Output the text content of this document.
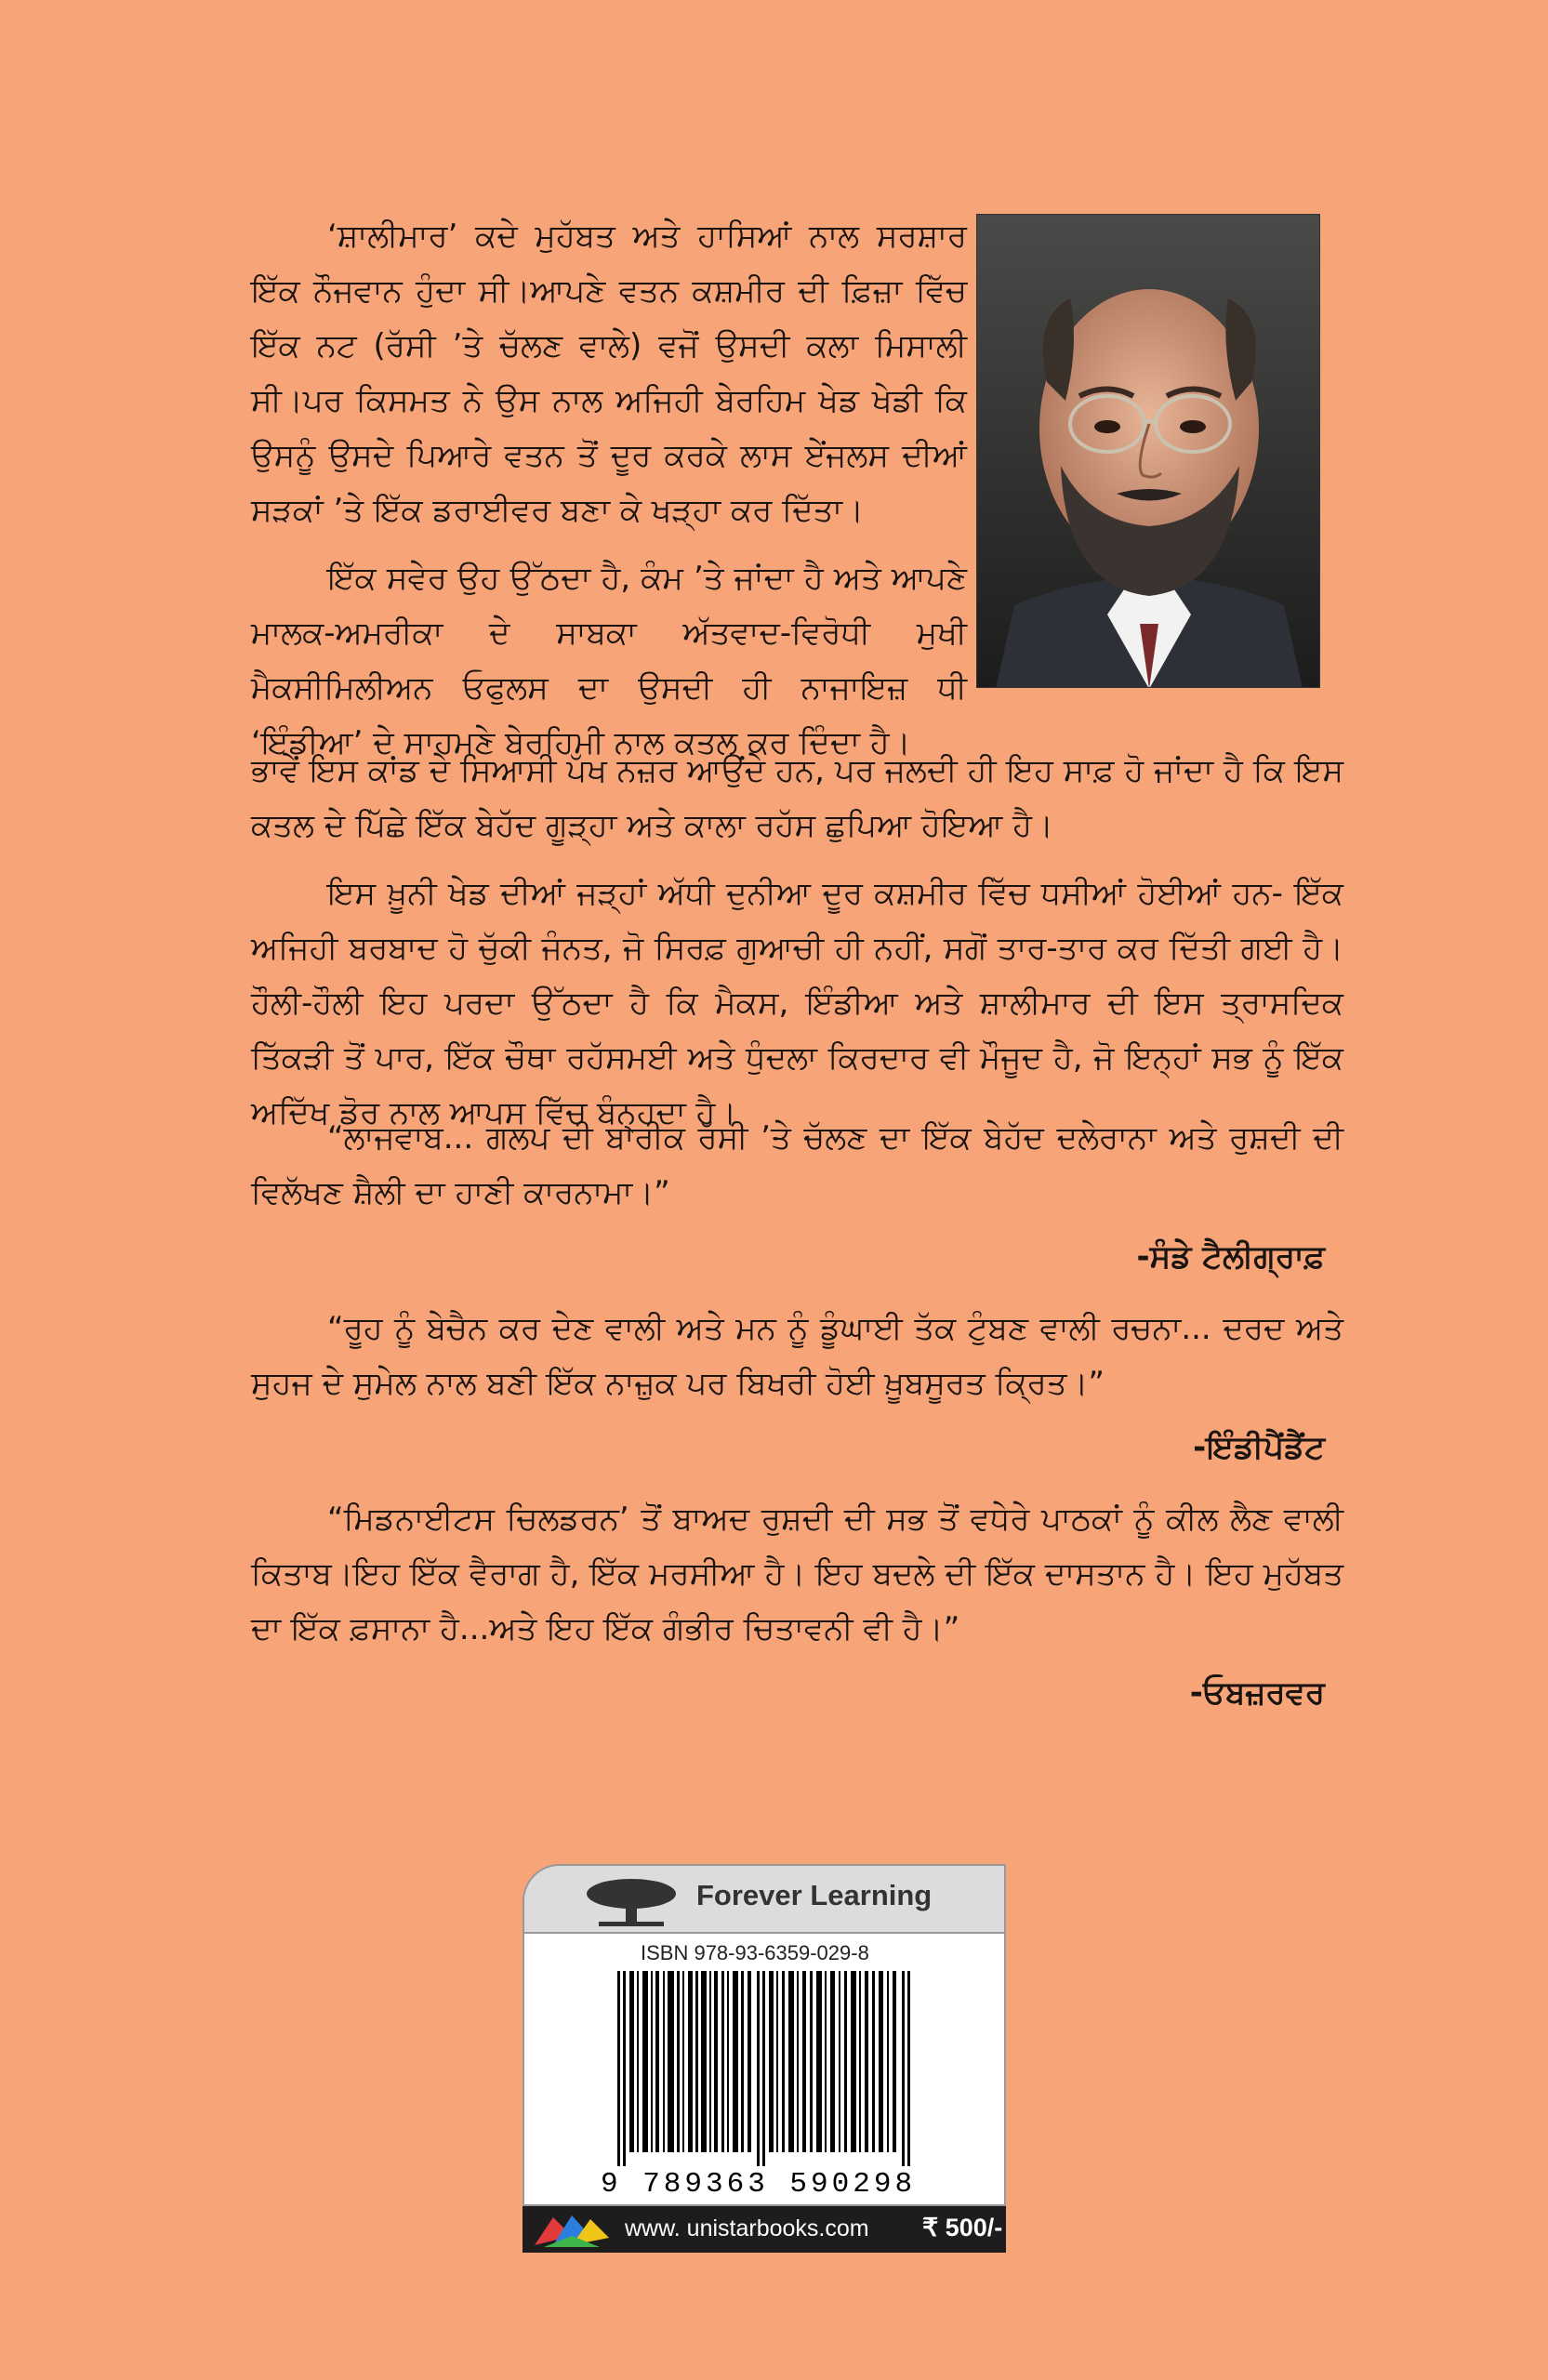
‘ਸ਼ਾਲੀਮਾਰ’ ਕਦੇ ਮੁਹੱਬਤ ਅਤੇ ਹਾਸਿਆਂ ਨਾਲ ਸਰਸ਼ਾਰ ਇੱਕ ਨੌਜਵਾਨ ਹੁੰਦਾ ਸੀ।ਆਪਣੇ ਵਤਨ ਕਸ਼ਮੀਰ ਦੀ ਫ਼ਿਜ਼ਾ ਵਿੱਚ ਇੱਕ ਨਟ (ਰੱਸੀ ’ਤੇ ਚੱਲਣ ਵਾਲੇ) ਵਜੋਂ ਉਸਦੀ ਕਲਾ ਮਿਸਾਲੀ ਸੀ।ਪਰ ਕਿਸਮਤ ਨੇ ਉਸ ਨਾਲ ਅਜਿਹੀ ਬੇਰਹਿਮ ਖੇਡ ਖੇਡੀ ਕਿ ਉਸਨੂੰ ਉਸਦੇ ਪਿਆਰੇ ਵਤਨ ਤੋਂ ਦੂਰ ਕਰਕੇ ਲਾਸ ਏਂਜਲਸ ਦੀਆਂ ਸੜਕਾਂ ’ਤੇ ਇੱਕ ਡਰਾਈਵਰ ਬਣਾ ਕੇ ਖੜ੍ਹਾ ਕਰ ਦਿੱਤਾ।

ਇੱਕ ਸਵੇਰ ਉਹ ਉੱਠਦਾ ਹੈ, ਕੰਮ ’ਤੇ ਜਾਂਦਾ ਹੈ ਅਤੇ ਆਪਣੇ ਮਾਲਕ-ਅਮਰੀਕਾ ਦੇ ਸਾਬਕਾ ਅੱਤਵਾਦ-ਵਿਰੋਧੀ ਮੁਖੀ ਮੈਕਸੀਮਿਲੀਅਨ ਓਫੁਲਸ ਦਾ ਉਸਦੀ ਹੀ ਨਾਜਾਇਜ਼ ਧੀ ‘ਇੰਡੀਆ’ ਦੇ ਸਾਹਮਣੇ ਬੇਰਹਿਮੀ ਨਾਲ ਕਤਲ ਕਰ ਦਿੰਦਾ ਹੈ।

ਭਾਵੇਂ ਇਸ ਕਾਂਡ ਦੇ ਸਿਆਸੀ ਪੱਖ ਨਜ਼ਰ ਆਉਂਦੇ ਹਨ, ਪਰ ਜਲਦੀ ਹੀ ਇਹ ਸਾਫ਼ ਹੋ ਜਾਂਦਾ ਹੈ ਕਿ ਇਸ ਕਤਲ ਦੇ ਪਿੱਛੇ ਇੱਕ ਬੇਹੱਦ ਗੂੜ੍ਹਾ ਅਤੇ ਕਾਲਾ ਰਹੱਸ ਛੁਪਿਆ ਹੋਇਆ ਹੈ।

ਇਸ ਖ਼ੂਨੀ ਖੇਡ ਦੀਆਂ ਜੜ੍ਹਾਂ ਅੱਧੀ ਦੁਨੀਆ ਦੂਰ ਕਸ਼ਮੀਰ ਵਿੱਚ ਧਸੀਆਂ ਹੋਈਆਂ ਹਨ- ਇੱਕ ਅਜਿਹੀ ਬਰਬਾਦ ਹੋ ਚੁੱਕੀ ਜੰਨਤ, ਜੋ ਸਿਰਫ਼ ਗੁਆਚੀ ਹੀ ਨਹੀਂ, ਸਗੋਂ ਤਾਰ-ਤਾਰ ਕਰ ਦਿੱਤੀ ਗਈ ਹੈ।ਹੌਲੀ-ਹੌਲੀ ਇਹ ਪਰਦਾ ਉੱਠਦਾ ਹੈ ਕਿ ਮੈਕਸ, ਇੰਡੀਆ ਅਤੇ ਸ਼ਾਲੀਮਾਰ ਦੀ ਇਸ ਤ੍ਰਾਸਦਿਕ ਤਿੱਕੜੀ ਤੋਂ ਪਾਰ, ਇੱਕ ਚੌਥਾ ਰਹੱਸਮਈ ਅਤੇ ਧੁੰਦਲਾ ਕਿਰਦਾਰ ਵੀ ਮੌਜੂਦ ਹੈ, ਜੋ ਇਨ੍ਹਾਂ ਸਭ ਨੂੰ ਇੱਕ ਅਦਿੱਖ ਡੋਰ ਨਾਲ ਆਪਸ ਵਿੱਚ ਬੰਨ੍ਹਦਾ ਹੈ।

“ਲਾਜਵਾਬ... ਗਲਪ ਦੀ ਬਾਰੀਕ ਰੱਸੀ ’ਤੇ ਚੱਲਣ ਦਾ ਇੱਕ ਬੇਹੱਦ ਦਲੇਰਾਨਾ ਅਤੇ ਰੁਸ਼ਦੀ ਦੀ ਵਿਲੱਖਣ ਸ਼ੈਲੀ ਦਾ ਹਾਣੀ ਕਾਰਨਾਮਾ।”

-ਸੰਡੇ ਟੈਲੀਗ੍ਰਾਫ਼

“ਰੂਹ ਨੂੰ ਬੇਚੈਨ ਕਰ ਦੇਣ ਵਾਲੀ ਅਤੇ ਮਨ ਨੂੰ ਡੂੰਘਾਈ ਤੱਕ ਟੁੰਬਣ ਵਾਲੀ ਰਚਨਾ... ਦਰਦ ਅਤੇ ਸੁਹਜ ਦੇ ਸੁਮੇਲ ਨਾਲ ਬਣੀ ਇੱਕ ਨਾਜ਼ੁਕ ਪਰ ਬਿਖਰੀ ਹੋਈ ਖ਼ੂਬਸੂਰਤ ਕ੍ਰਿਤ।”

-ਇੰਡੀਪੈਂਡੈਂਟ

“ਮਿਡਨਾਈਟਸ ਚਿਲਡਰਨ’ ਤੋਂ ਬਾਅਦ ਰੁਸ਼ਦੀ ਦੀ ਸਭ ਤੋਂ ਵਧੇਰੇ ਪਾਠਕਾਂ ਨੂੰ ਕੀਲ ਲੈਣ ਵਾਲੀ ਕਿਤਾਬ।ਇਹ ਇੱਕ ਵੈਰਾਗ ਹੈ, ਇੱਕ ਮਰਸੀਆ ਹੈ। ਇਹ ਬਦਲੇ ਦੀ ਇੱਕ ਦਾਸਤਾਨ ਹੈ। ਇਹ ਮੁਹੱਬਤ ਦਾ ਇੱਕ ਫ਼ਸਾਨਾ ਹੈ...ਅਤੇ ਇਹ ਇੱਕ ਗੰਭੀਰ ਚਿਤਾਵਨੀ ਵੀ ਹੈ।”

-ਓਬਜ਼ਰਵਰ

Forever Learning
ISBN 978-93-6359-029-8
9 789363 590298
www. unistarbooks.com ₹ 500/-
